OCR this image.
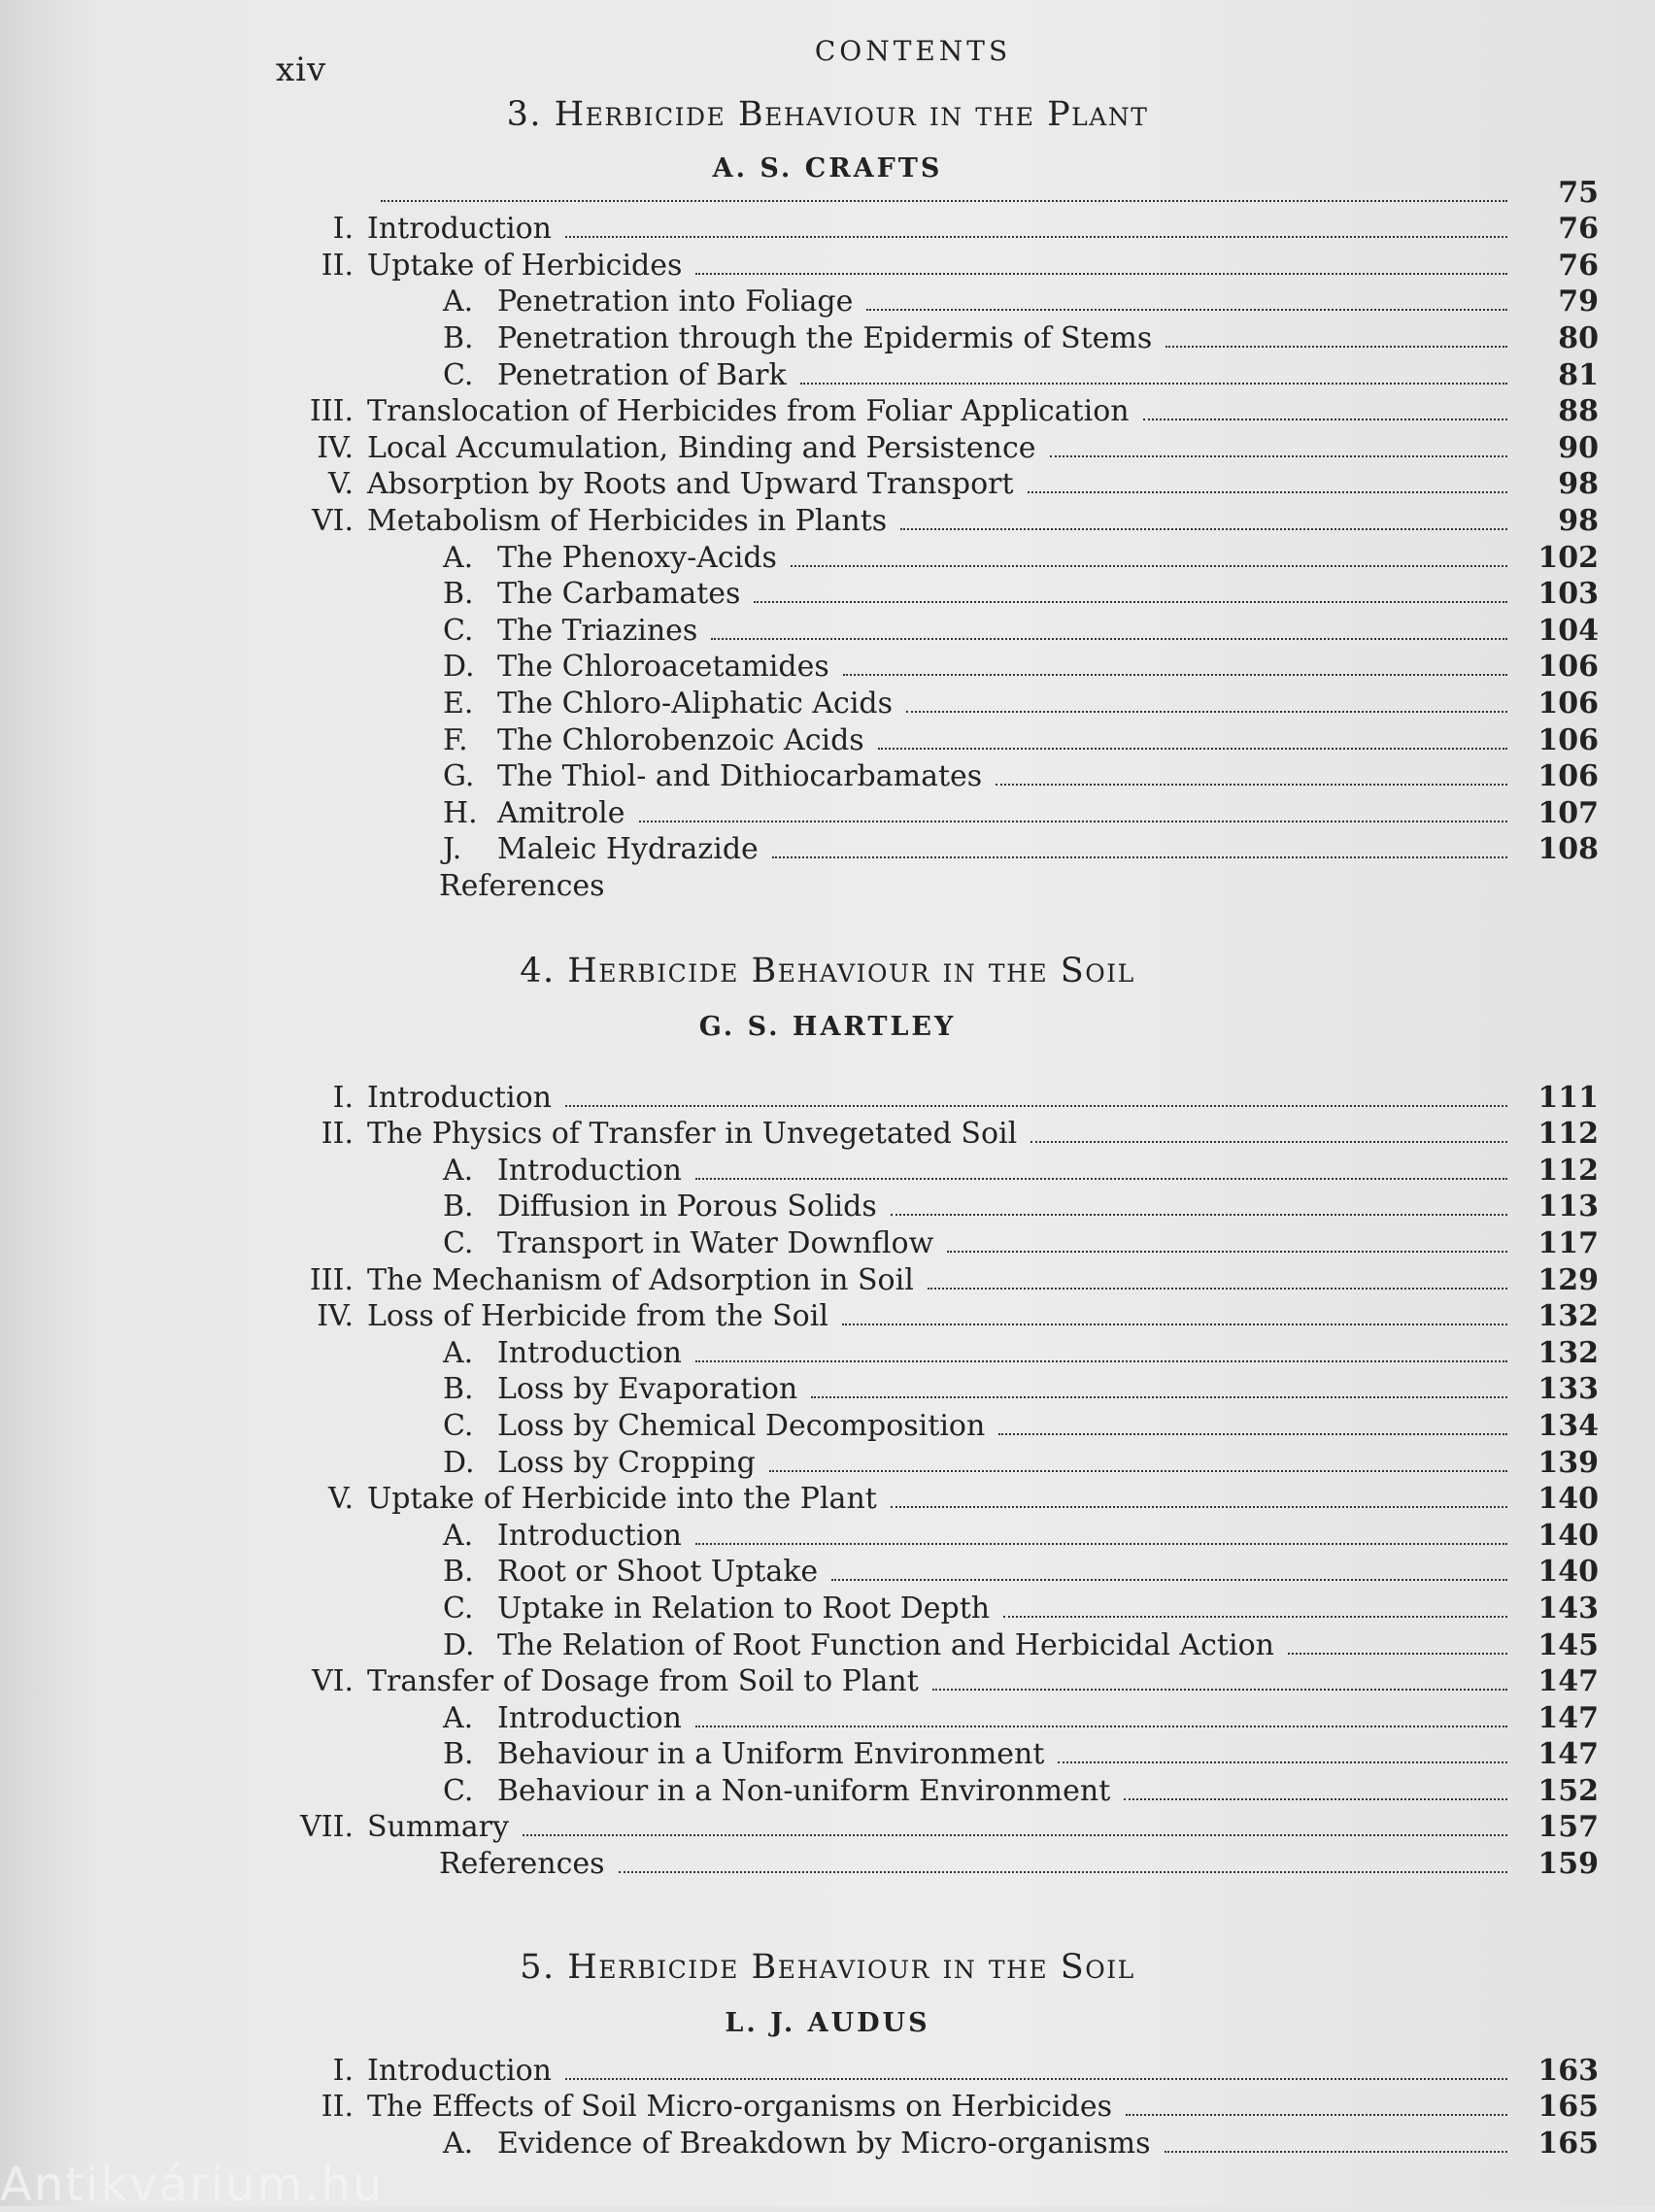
xiv	CONTENTS
3. Herbicide Behaviour in the Plant
A. S. CRAFTS
75
I. Introduction	76
II. Uptake of Herbicides	76
A. Penetration into Foliage	79
B. Penetration through the Epidermis of Stems	80
C. Penetration of Bark	81
III. Translocation of Herbicides from Foliar Application	88
IV. Local Accumulation, Binding and Persistence	90
V. Absorption by Roots and Upward Transport	98
VI. Metabolism of Herbicides in Plants	98
A. The Phenoxy-Acids	102
B. The Carbamates	103
C. The Triazines	104
D. The Chloroacetamides	106
E. The Chloro-Aliphatic Acids	106
F.	The Chlorobenzoic Acids	106
G. The Thiol- and Dithiocarbamates	106
H. Amitrole	107
J.	Maleic Hydrazide	108
References
4. Herbicide Behaviour in the Soil
G. S. HARTLEY
I. Introduction	111
II. The Physics of Transfer in Unvegetated Soil	112
A. Introduction	112
B. Diffusion in Porous Solids	113
C. Transport in Water Downflow	117
III. The Mechanism of Adsorption in Soil	129
IV. Loss of Herbicide from the Soil	132
A. Introduction	132
B. Loss by Evaporation	133
C. Loss by Chemical Decomposition	134
D. Loss by Cropping	139
V. Uptake of Herbicide into the Plant	140
A. Introduction	140
B. Root or Shoot Uptake	140
C. Uptake in Relation to Root Depth	143
D. The Relation of Root Function and Herbicidal Action	145
VI. Transfer of Dosage from Soil to Plant	147
A. Introduction	147
B. Behaviour in a Uniform Environment	147
C. Behaviour in a Non-uniform Environment	152
VII. Summary	157
References	159
5. Herbicide Behaviour in the Soil
L. J. AUDUS
I. Introduction	163
II. The Effects of Soil Micro-organisms on Herbicides	165
A. Evidence of Breakdown by Micro-organisms	165
Antikvárium.hu
